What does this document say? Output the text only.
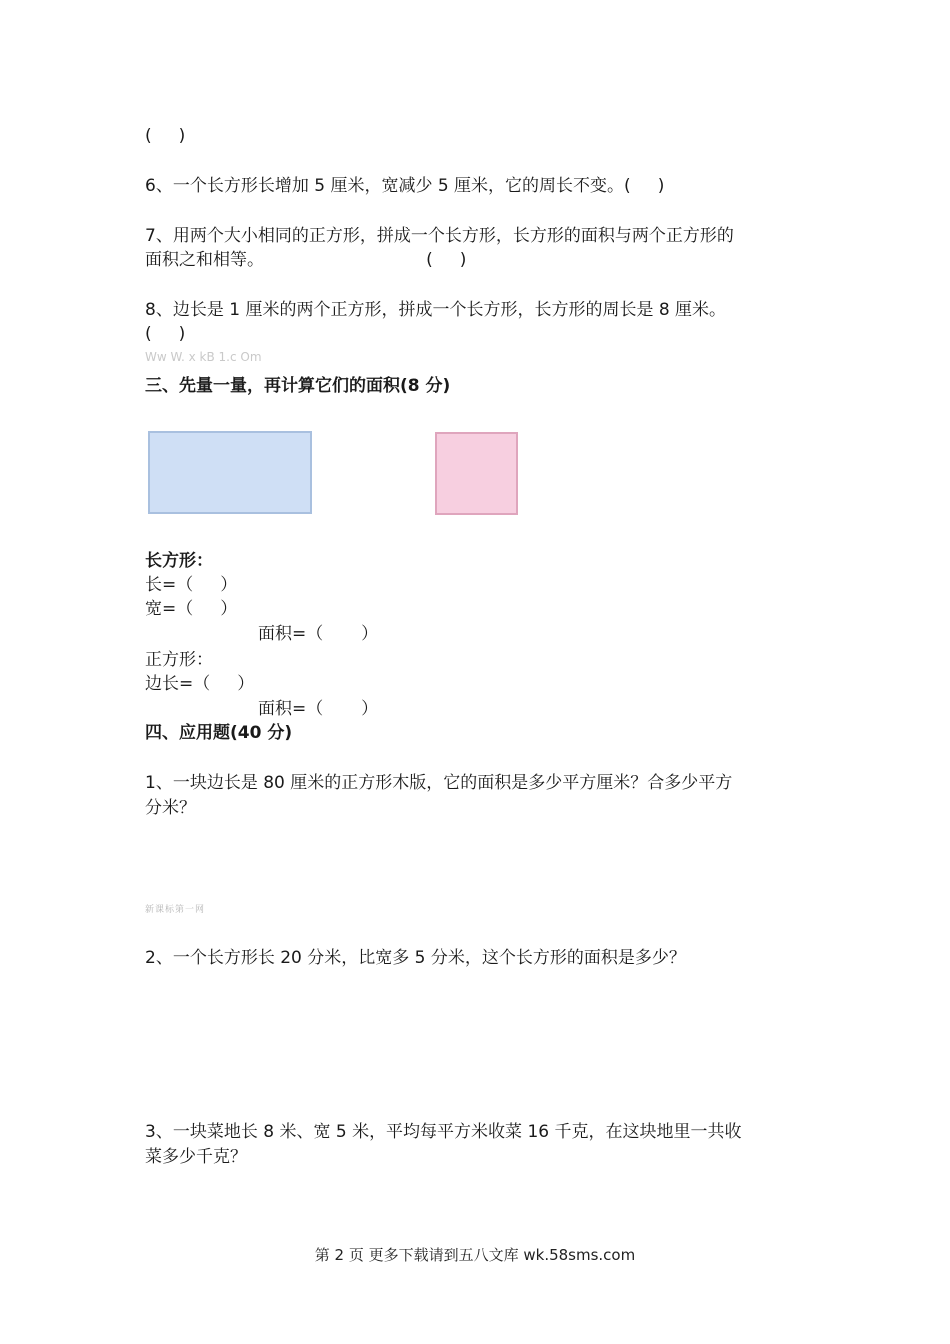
(     )
6、一个长方形长增加 5 厘米，宽减少 5 厘米，它的周长不变。(     )
7、用两个大小相同的正方形，拼成一个长方形，长方形的面积与两个正方形的
面积之和相等。                              (     )
8、边长是 1 厘米的两个正方形，拼成一个长方形，长方形的周长是 8 厘米。
(     )
Ww W. x kB 1.c Om
三、先量一量，再计算它们的面积(8 分)
长方形：
长=（     ）
宽=（     ）
面积=（       ）
正方形：
边长=（     ）
面积=（       ）
四、应用题(40 分)
1、一块边长是 80 厘米的正方形木版，它的面积是多少平方厘米？合多少平方
分米？
新课标第一网
2、一个长方形长 20 分米，比宽多 5 分米，这个长方形的面积是多少？
3、一块菜地长 8 米、宽 5 米，平均每平方米收菜 16 千克，在这块地里一共收
菜多少千克？
第 2 页 更多下载请到五八文库 wk.58sms.com
